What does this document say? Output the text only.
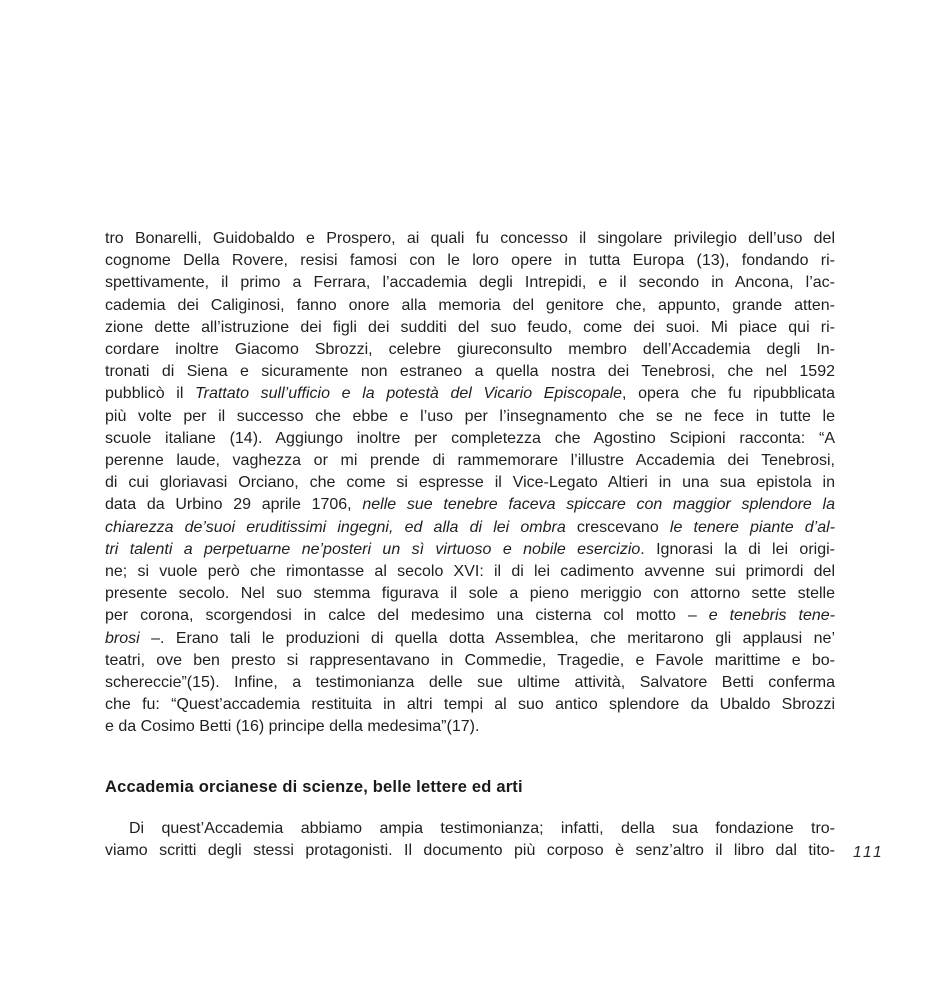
tro Bonarelli, Guidobaldo e Prospero, ai quali fu concesso il singolare privilegio dell’uso del
cognome Della Rovere, resisi famosi con le loro opere in tutta Europa (13), fondando ri-
spettivamente, il primo a Ferrara, l’accademia degli Intrepidi, e il secondo in Ancona, l’ac-
cademia dei Caliginosi, fanno onore alla memoria del genitore che, appunto, grande atten-
zione dette all’istruzione dei figli dei sudditi del suo feudo, come dei suoi. Mi piace qui ri-
cordare inoltre Giacomo Sbrozzi, celebre giureconsulto membro dell’Accademia degli In-
tronati di Siena e sicuramente non estraneo a quella nostra dei Tenebrosi, che nel 1592
pubblicò il Trattato sull’ufficio e la potestà del Vicario Episcopale, opera che fu ripubblicata
più volte per il successo che ebbe e l’uso per l’insegnamento che se ne fece in tutte le
scuole italiane (14). Aggiungo inoltre per completezza che Agostino Scipioni racconta: “A
perenne laude, vaghezza or mi prende di rammemorare l’illustre Accademia dei Tenebrosi,
di cui gloriavasi Orciano, che come si espresse il Vice-Legato Altieri in una sua epistola in
data da Urbino 29 aprile 1706, nelle sue tenebre faceva spiccare con maggior splendore la
chiarezza de’suoi eruditissimi ingegni, ed alla di lei ombra crescevano le tenere piante d’al-
tri talenti a perpetuarne ne’posteri un sì virtuoso e nobile esercizio. Ignorasi la di lei origi-
ne; si vuole però che rimontasse al secolo XVI: il di lei cadimento avvenne sui primordi del
presente secolo. Nel suo stemma figurava il sole a pieno meriggio con attorno sette stelle
per corona, scorgendosi in calce del medesimo una cisterna col motto – e tenebris tene-
brosi –. Erano tali le produzioni di quella dotta Assemblea, che meritarono gli applausi ne’
teatri, ove ben presto si rappresentavano in Commedie, Tragedie, e Favole marittime e bo-
schereccie”(15). Infine, a testimonianza delle sue ultime attività, Salvatore Betti conferma
che fu: “Quest’accademia restituita in altri tempi al suo antico splendore da Ubaldo Sbrozzi
e da Cosimo Betti (16) principe della medesima”(17).
Accademia orcianese di scienze, belle lettere ed arti
Di quest’Accademia abbiamo ampia testimonianza; infatti, della sua fondazione tro-
viamo scritti degli stessi protagonisti. Il documento più corposo è senz’altro il libro dal tito- 111
